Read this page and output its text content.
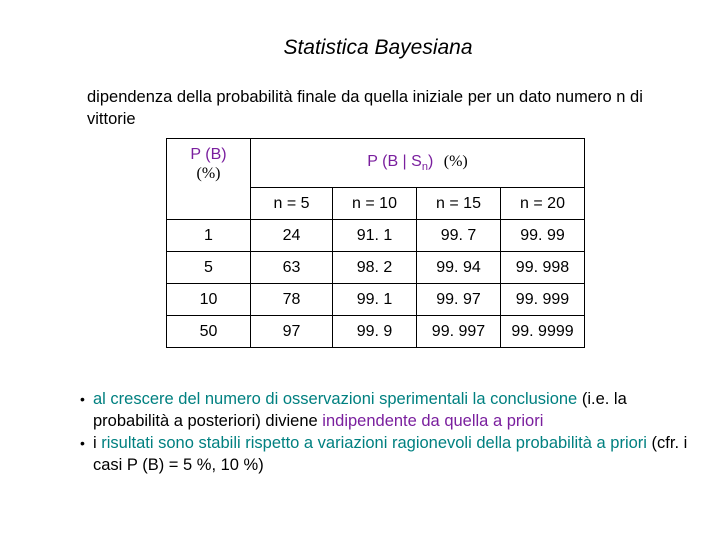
Statistica Bayesiana
dipendenza della probabilità finale da quella iniziale per un dato numero n di vittorie
P (B)
(%)	P (B | $S_n$) (%)			
	n = 5	n = 10	n = 15	n = 20
1	24	91. 1	99. 7	99. 99
5	63	98. 2	99. 94	99. 998
10	78	99. 1	99. 97	99. 999
50	97	99. 9	99. 997	99. 9999
• al crescere del numero di osservazioni sperimentali la conclusione (i.e. la probabilità a posteriori) diviene indipendente da quella a priori
• i risultati sono stabili rispetto a variazioni ragionevoli della probabilità a priori (cfr. i casi P (B) = 5 %, 10 %)
